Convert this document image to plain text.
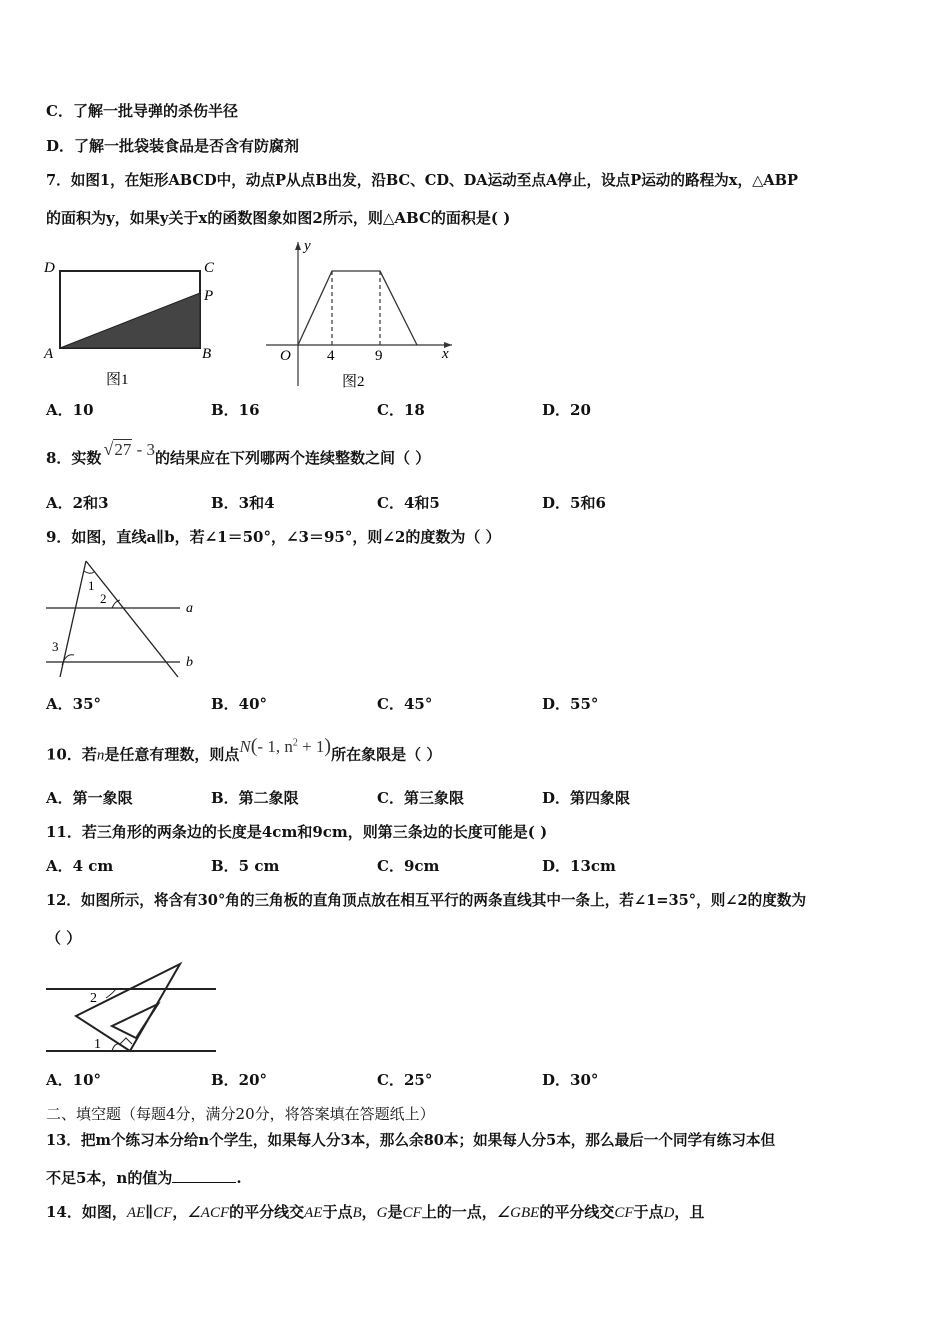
C．了解一批导弹的杀伤半径
D．了解一批袋装食品是否含有防腐剂
7．如图1，在矩形ABCD中，动点P从点B出发，沿BC、CD、DA运动至点A停止，设点P运动的路程为x，△ABP
的面积为y，如果y关于x的函数图象如图2所示，则△ABC的面积是( )
D	C
P
A	B
图1
y
x
O 4	9
图2
A．10	B．16	C．18	D．20
8．实数 √27 - 3的结果应在下列哪两个连续整数之间（ ）
A．2和3	B．3和4	C．4和5	D．5和6
9．如图，直线a∥b，若∠1＝50°，∠3＝95°，则∠2的度数为（ ）
1
2
3
a
b
A．35°	B．40°	C．45°	D．55°
10．若n是任意有理数，则点N(- 1, $n^2 + 1$)所在象限是（ ）
A．第一象限	B．第二象限	C．第三象限	D．第四象限
11．若三角形的两条边的长度是4cm和9cm，则第三条边的长度可能是( )
A．4 cm	B．5 cm	C．9cm	D．13cm
12．如图所示，将含有30°角的三角板的直角顶点放在相互平行的两条直线其中一条上，若∠1=35°，则∠2的度数为
（ ）
2
1
A．10°	B．20°	C．25°	D．30°
二、填空题（每题4分，满分20分，将答案填在答题纸上）
13．把m个练习本分给n个学生，如果每人分3本，那么余80本；如果每人分5本，那么最后一个同学有练习本但
不足5本，n的值为	.
14．如图，AE∥CF，∠ACF的平分线交AE于点B，G是CF上的一点，∠GBE的平分线交CF于点D，且
